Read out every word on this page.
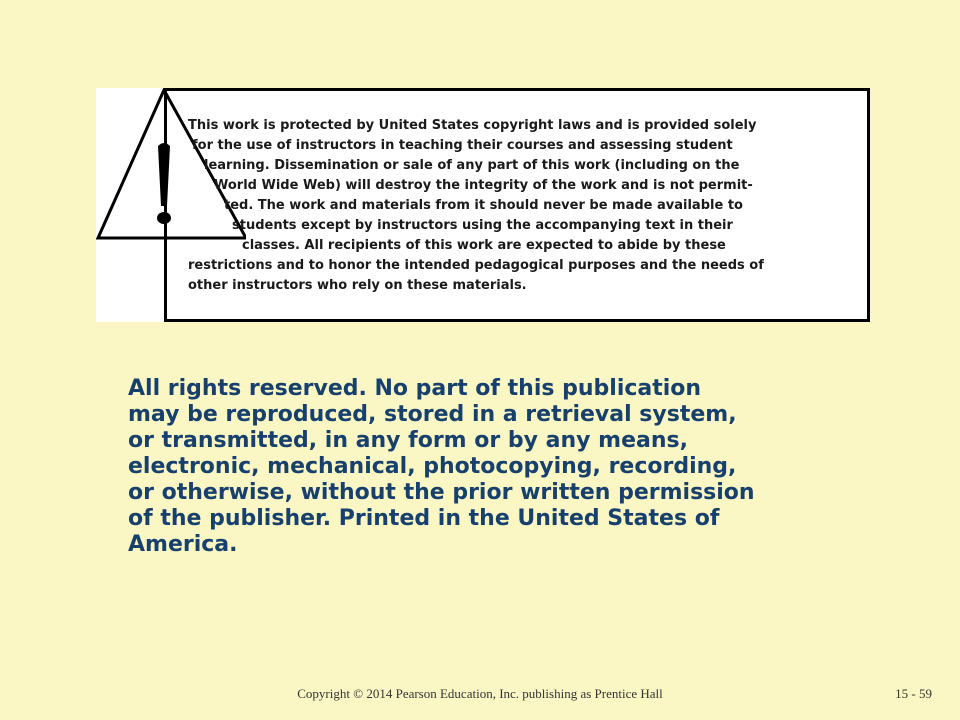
This work is protected by United States copyright laws and is provided solely
for the use of instructors in teaching their courses and assessing student
learning. Dissemination or sale of any part of this work (including on the
World Wide Web) will destroy the integrity of the work and is not permit-
ted. The work and materials from it should never be made available to
students except by instructors using the accompanying text in their
classes. All recipients of this work are expected to abide by these
restrictions and to honor the intended pedagogical purposes and the needs of
other instructors who rely on these materials.

All rights reserved. No part of this publication
may be reproduced, stored in a retrieval system,
or transmitted, in any form or by any means,
electronic, mechanical, photocopying, recording,
or otherwise, without the prior written permission
of the publisher. Printed in the United States of
America.

Copyright © 2014 Pearson Education, Inc. publishing as Prentice Hall	15 - 59
